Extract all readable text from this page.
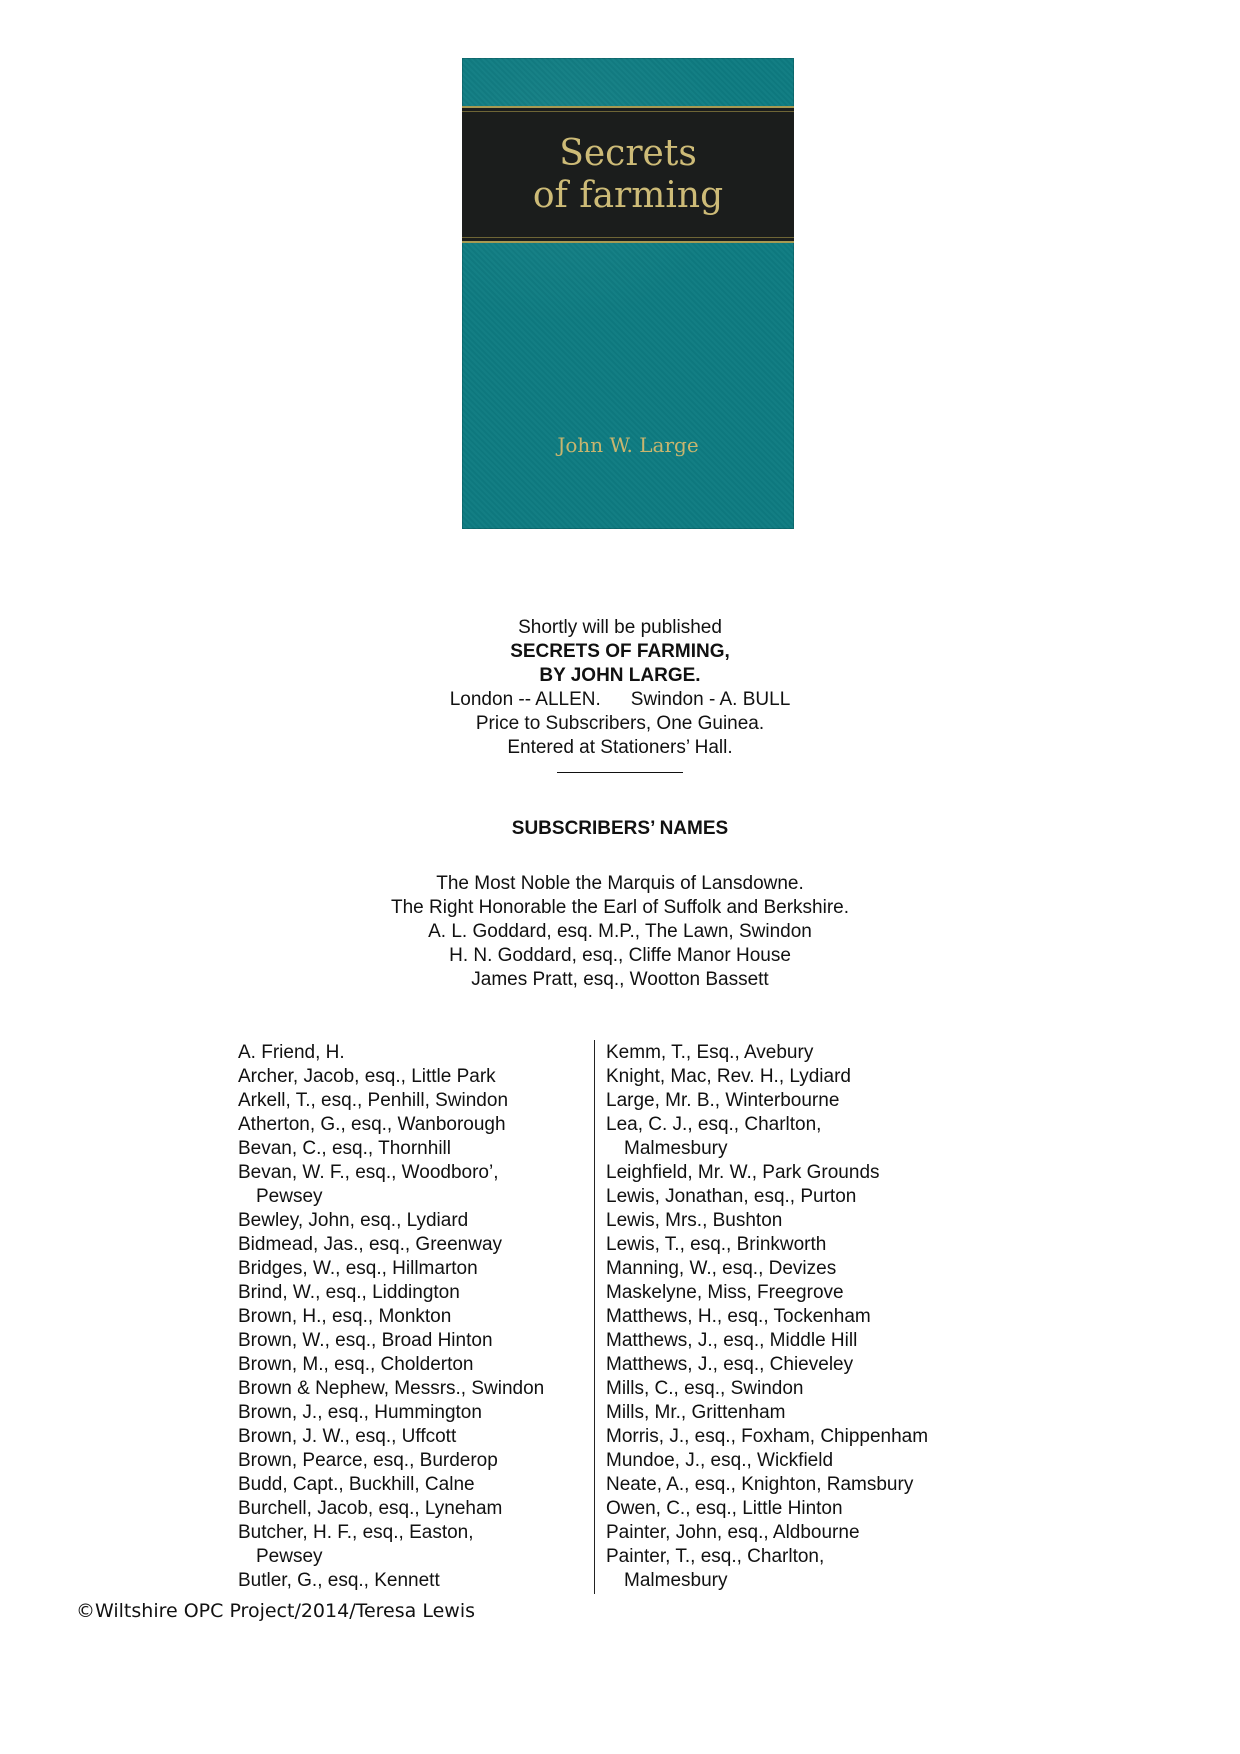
Secrets
of farming
John W. Large
Shortly will be published
SECRETS OF FARMING,
BY JOHN LARGE.
London -- ALLEN. Swindon - A. BULL
Price to Subscribers, One Guinea.
Entered at Stationers’ Hall.
SUBSCRIBERS’ NAMES
The Most Noble the Marquis of Lansdowne.
The Right Honorable the Earl of Suffolk and Berkshire.
A. L. Goddard, esq. M.P., The Lawn, Swindon
H. N. Goddard, esq., Cliffe Manor House
James Pratt, esq., Wootton Bassett
A. Friend, H.
Archer, Jacob, esq., Little Park
Arkell, T., esq., Penhill, Swindon
Atherton, G., esq., Wanborough
Bevan, C., esq., Thornhill
Bevan, W. F., esq., Woodboro’,
Pewsey
Bewley, John, esq., Lydiard
Bidmead, Jas., esq., Greenway
Bridges, W., esq., Hillmarton
Brind, W., esq., Liddington
Brown, H., esq., Monkton
Brown, W., esq., Broad Hinton
Brown, M., esq., Cholderton
Brown & Nephew, Messrs., Swindon
Brown, J., esq., Hummington
Brown, J. W., esq., Uffcott
Brown, Pearce, esq., Burderop
Budd, Capt., Buckhill, Calne
Burchell, Jacob, esq., Lyneham
Butcher, H. F., esq., Easton,
Pewsey
Butler, G., esq., Kennett
Kemm, T., Esq., Avebury
Knight, Mac, Rev. H., Lydiard
Large, Mr. B., Winterbourne
Lea, C. J., esq., Charlton,
Malmesbury
Leighfield, Mr. W., Park Grounds
Lewis, Jonathan, esq., Purton
Lewis, Mrs., Bushton
Lewis, T., esq., Brinkworth
Manning, W., esq., Devizes
Maskelyne, Miss, Freegrove
Matthews, H., esq., Tockenham
Matthews, J., esq., Middle Hill
Matthews, J., esq., Chieveley
Mills, C., esq., Swindon
Mills, Mr., Grittenham
Morris, J., esq., Foxham, Chippenham
Mundoe, J., esq., Wickfield
Neate, A., esq., Knighton, Ramsbury
Owen, C., esq., Little Hinton
Painter, John, esq., Aldbourne
Painter, T., esq., Charlton,
Malmesbury
©Wiltshire OPC Project/2014/Teresa Lewis
